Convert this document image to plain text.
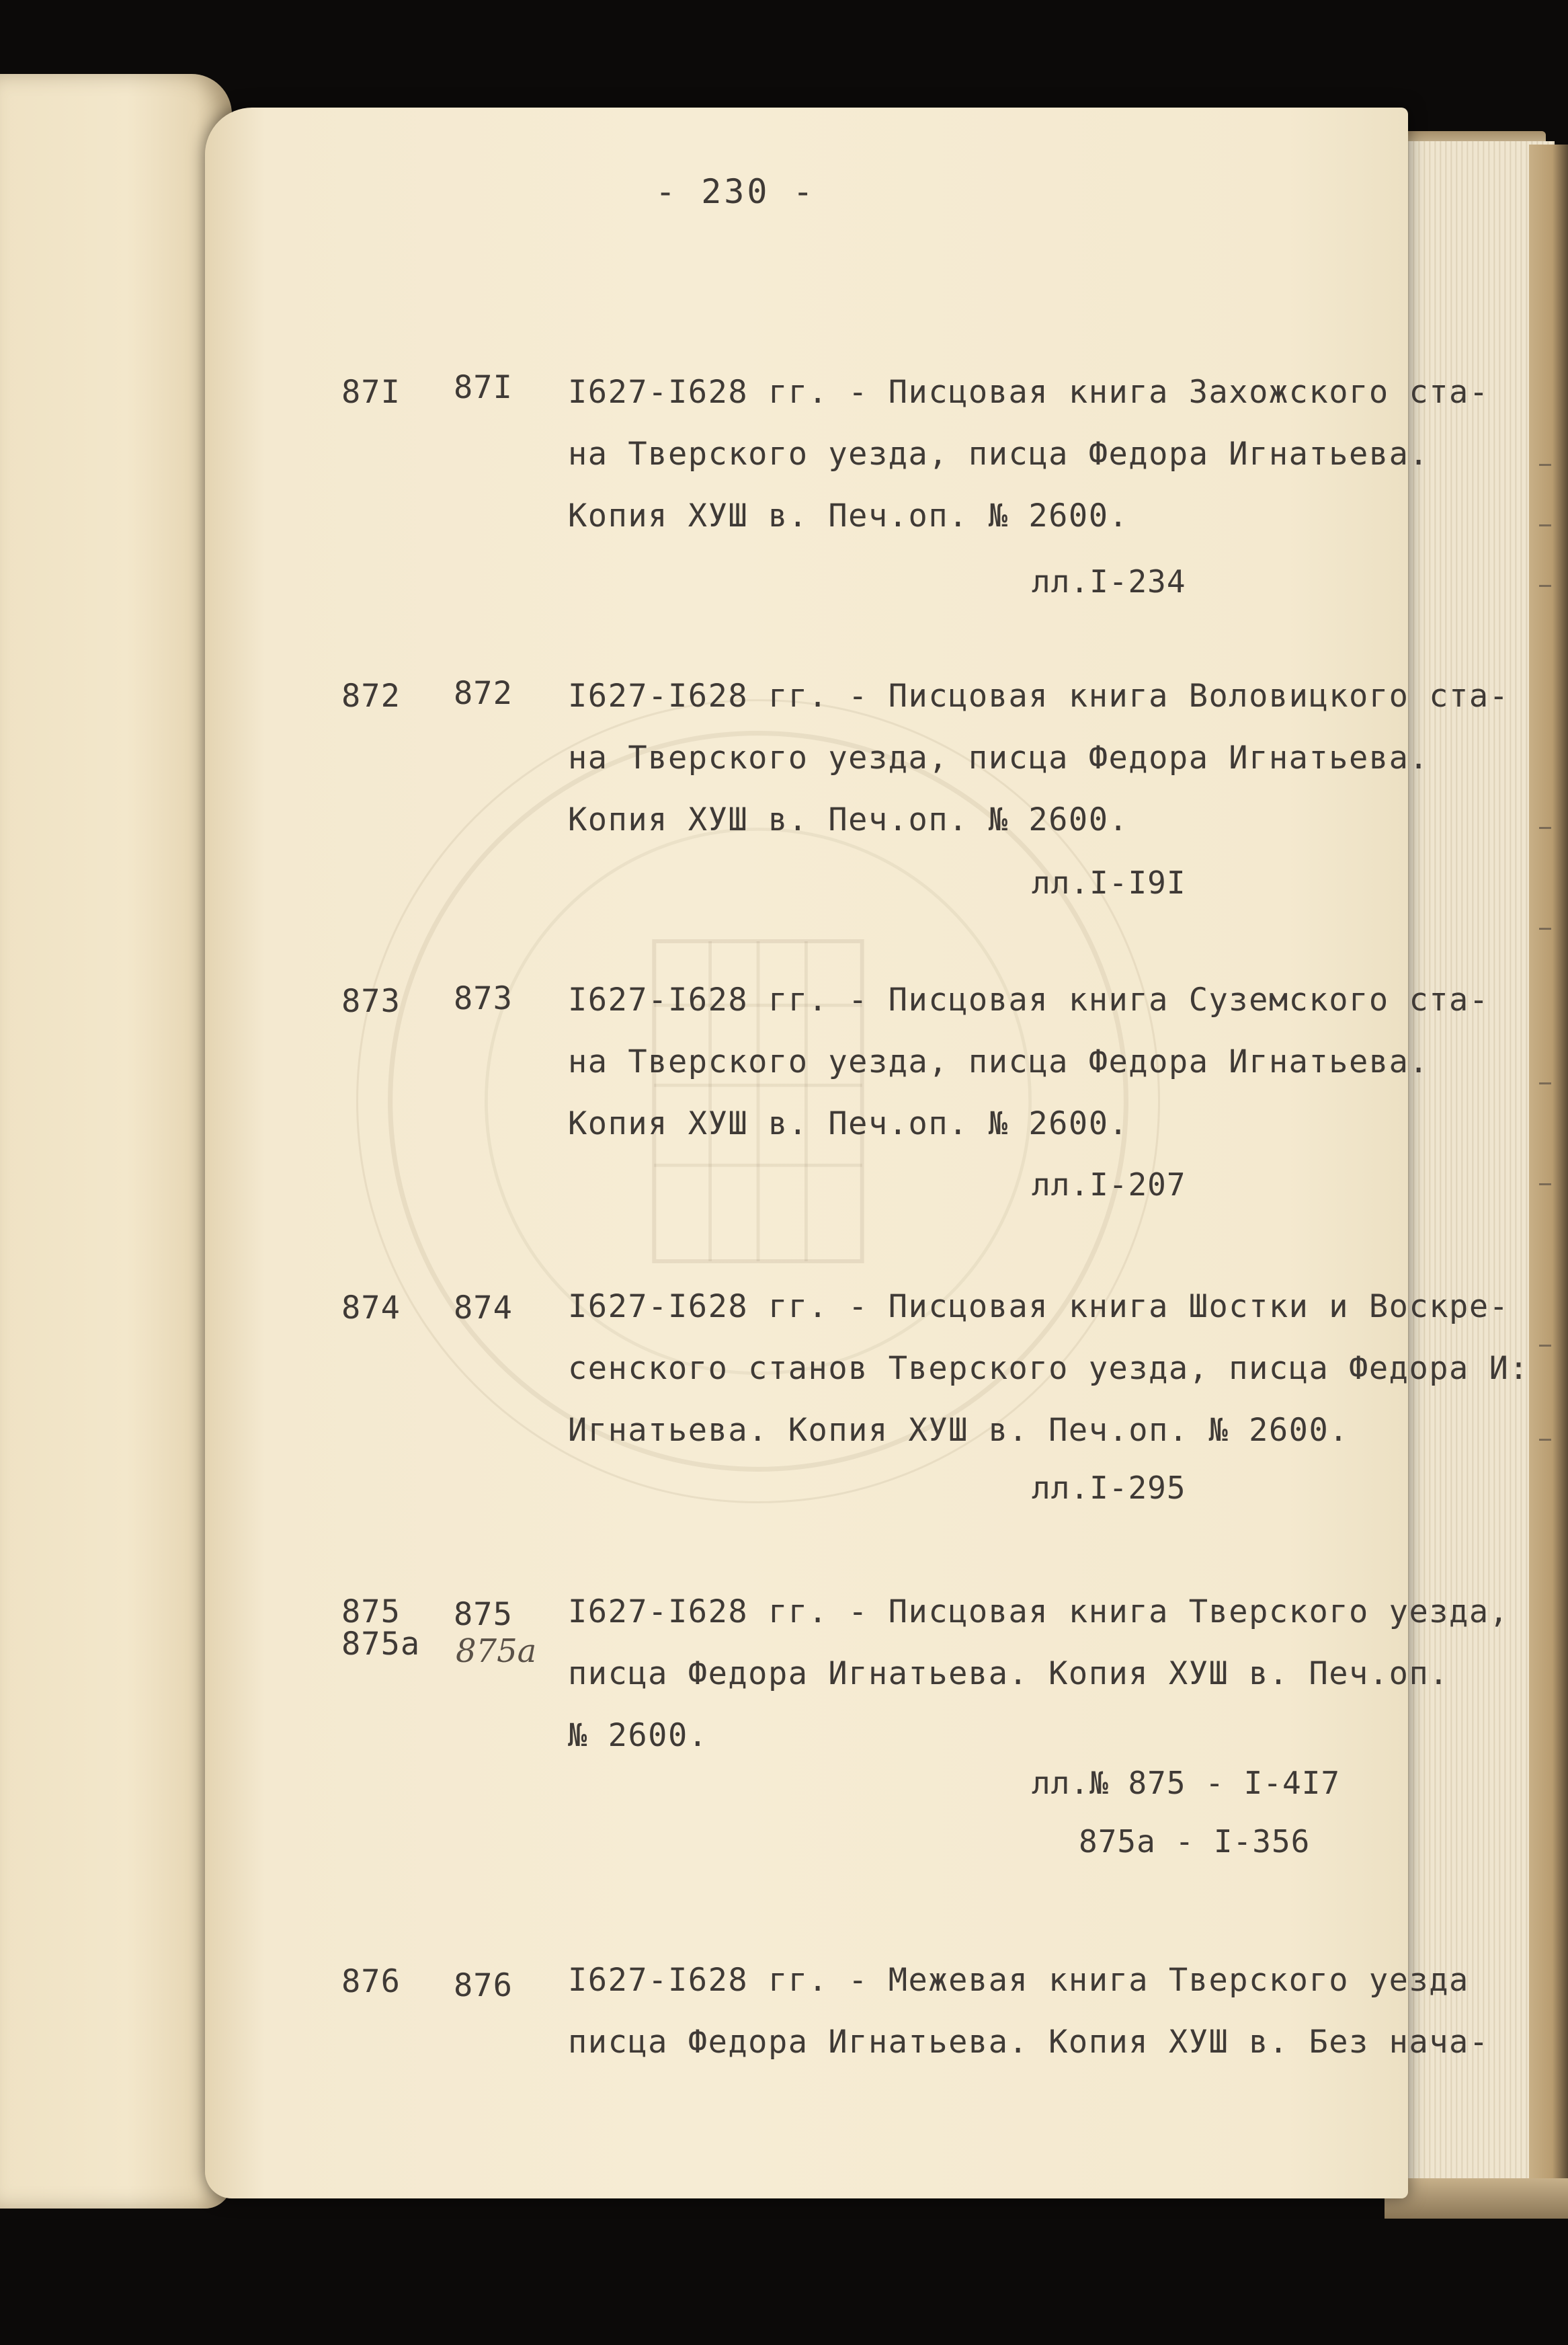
- 230 -
87I 87I I627-I628 гг. - Писцовая книга Захожского ста-
на Тверского уезда, писца Федора Игнатьева.
Копия ХУШ в. Печ.оп. № 2600.
лл.I-234
872 872 I627-I628 гг. - Писцовая книга Воловицкого ста-
на Тверского уезда, писца Федора Игнатьева.
Копия ХУШ в. Печ.оп. № 2600.
лл.I-I9I
873 873 I627-I628 гг. - Писцовая книга Суземского ста-
на Тверского уезда, писца Федора Игнатьева.
Копия ХУШ в. Печ.оп. № 2600.
лл.I-207
874 874 I627-I628 гг. - Писцовая книга Шостки и Воскре-
сенского станов Тверского уезда, писца Федора И:
Игнатьева. Копия ХУШ в. Печ.оп. № 2600.
лл.I-295
875
875а
875
875а
I627-I628 гг. - Писцовая книга Тверского уезда,
писца Федора Игнатьева. Копия ХУШ в. Печ.оп.
№ 2600.
лл.№ 875 - I-4I7
875а - I-356
876 876 I627-I628 гг. - Межевая книга Тверского уезда
писца Федора Игнатьева. Копия ХУШ в. Без нача-
